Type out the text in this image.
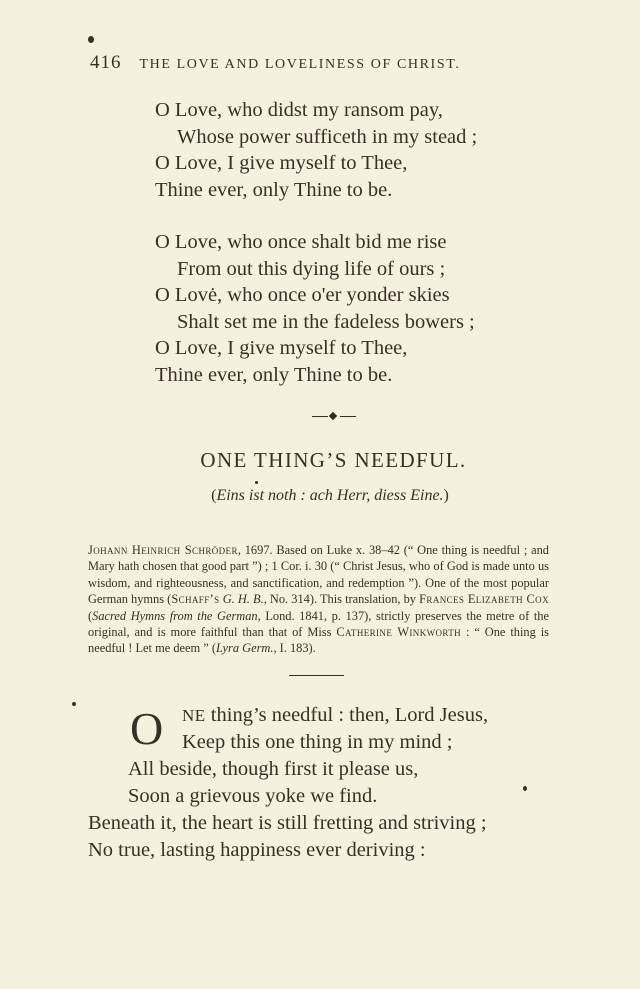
416 THE LOVE AND LOVELINESS OF CHRIST.
O Love, who didst my ransom pay,
Whose power sufficeth in my stead ;
O Love, I give myself to Thee,
Thine ever, only Thine to be.
O Love, who once shalt bid me rise
From out this dying life of ours ;
O Lovė, who once o'er yonder skies
Shalt set me in the fadeless bowers ;
O Love, I give myself to Thee,
Thine ever, only Thine to be.
ONE THING’S NEEDFUL.
(Eins ist noth : ach Herr, diess Eine.)
Johann Heinrich Schröder, 1697. Based on Luke x. 38–42 (“ One thing is needful ; and Mary hath chosen that good part ”) ; 1 Cor. i. 30 (“ Christ Jesus, who of God is made unto us wisdom, and righteousness, and sanctification, and redemption ”). One of the most popular German hymns (Schaff’s G. H. B., No. 314). This translation, by Frances Elizabeth Cox (Sacred Hymns from the German, Lond. 1841, p. 137), strictly preserves the metre of the original, and is more faithful than that of Miss Catherine Winkworth : “ One thing is needful ! Let me deem ” (Lyra Germ., I. 183).
O	NE thing’s needful : then, Lord Jesus,
Keep this one thing in my mind ;
All beside, though first it please us,
Soon a grievous yoke we find.
Beneath it, the heart is still fretting and striving ;
No true, lasting happiness ever deriving :
